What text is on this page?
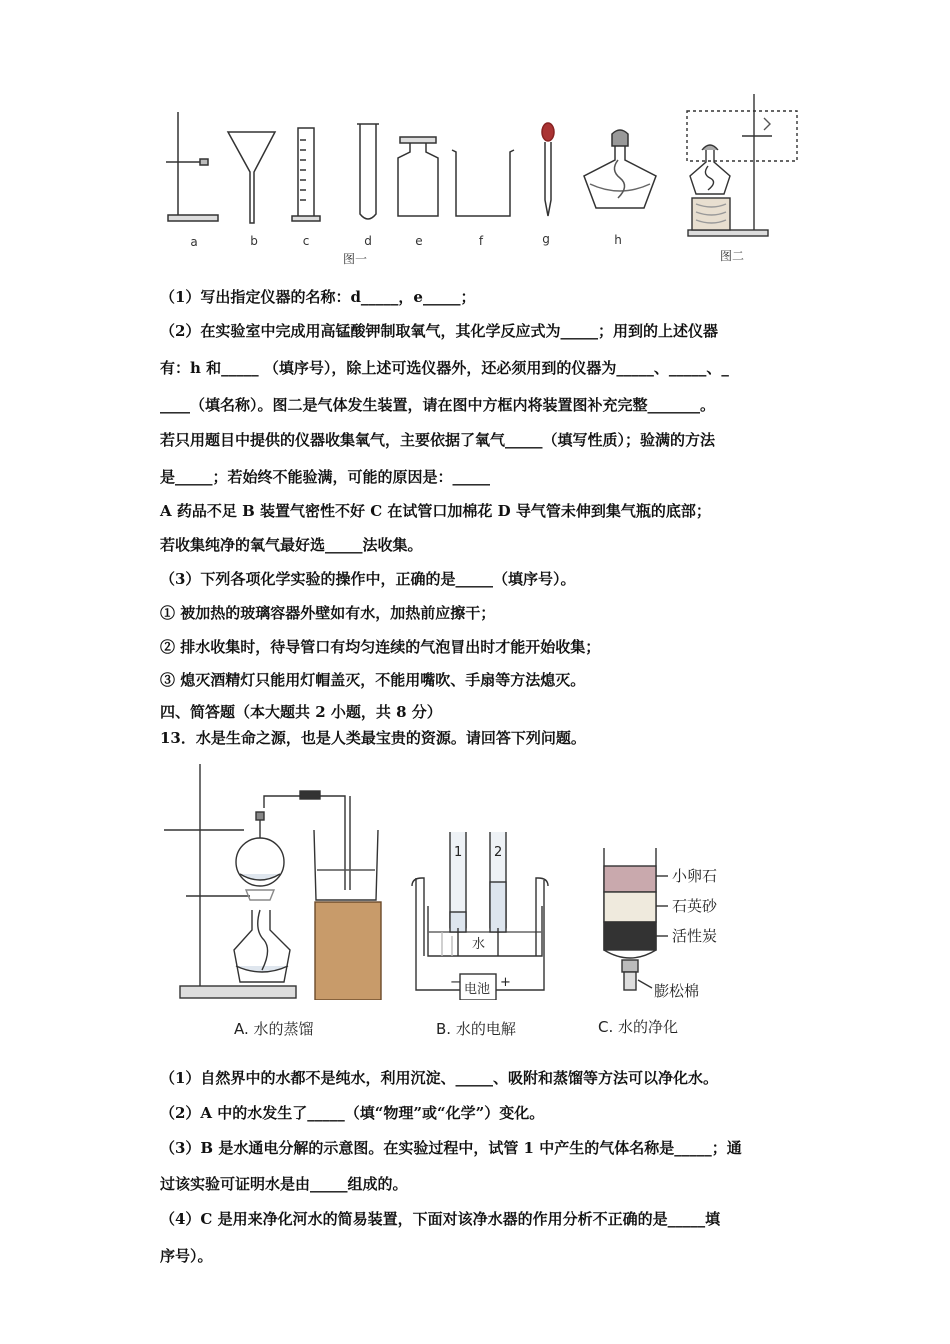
a	b	c	d	e	f	g	h
图一	图二
（1）写出指定仪器的名称：d_____，e_____；
（2）在实验室中完成用高锰酸钾制取氧气，其化学反应式为_____；用到的上述仪器
有：h 和_____ （填序号），除上述可选仪器外，还必须用到的仪器为_____、_____、_
____（填名称）。图二是气体发生装置，请在图中方框内将装置图补充完整_______。
若只用题目中提供的仪器收集氧气，主要依据了氧气_____（填写性质）；验满的方法
是_____；若始终不能验满，可能的原因是：_____
A 药品不足 B 装置气密性不好 C 在试管口加棉花 D 导气管未伸到集气瓶的底部；
若收集纯净的氧气最好选_____法收集。
（3）下列各项化学实验的操作中，正确的是_____（填序号）。
① 被加热的玻璃容器外壁如有水，加热前应擦干；
② 排水收集时，待导管口有均匀连续的气泡冒出时才能开始收集；
③ 熄灭酒精灯只能用灯帽盖灭，不能用嘴吹、手扇等方法熄灭。
四、简答题（本大题共 2 小题，共 8 分）
13．水是生命之源，也是人类最宝贵的资源。请回答下列问题。
1 2
水
电池
−	+
小卵石
石英砂
活性炭
膨松棉
A. 水的蒸馏	B. 水的电解	C. 水的净化
（1）自然界中的水都不是纯水，利用沉淀、_____、吸附和蒸馏等方法可以净化水。
（2）A 中的水发生了_____（填“物理”或“化学”）变化。
（3）B 是水通电分解的示意图。在实验过程中，试管 1 中产生的气体名称是_____；通
过该实验可证明水是由_____组成的。
（4）C 是用来净化河水的简易装置，下面对该净水器的作用分析不正确的是_____填
序号）。
